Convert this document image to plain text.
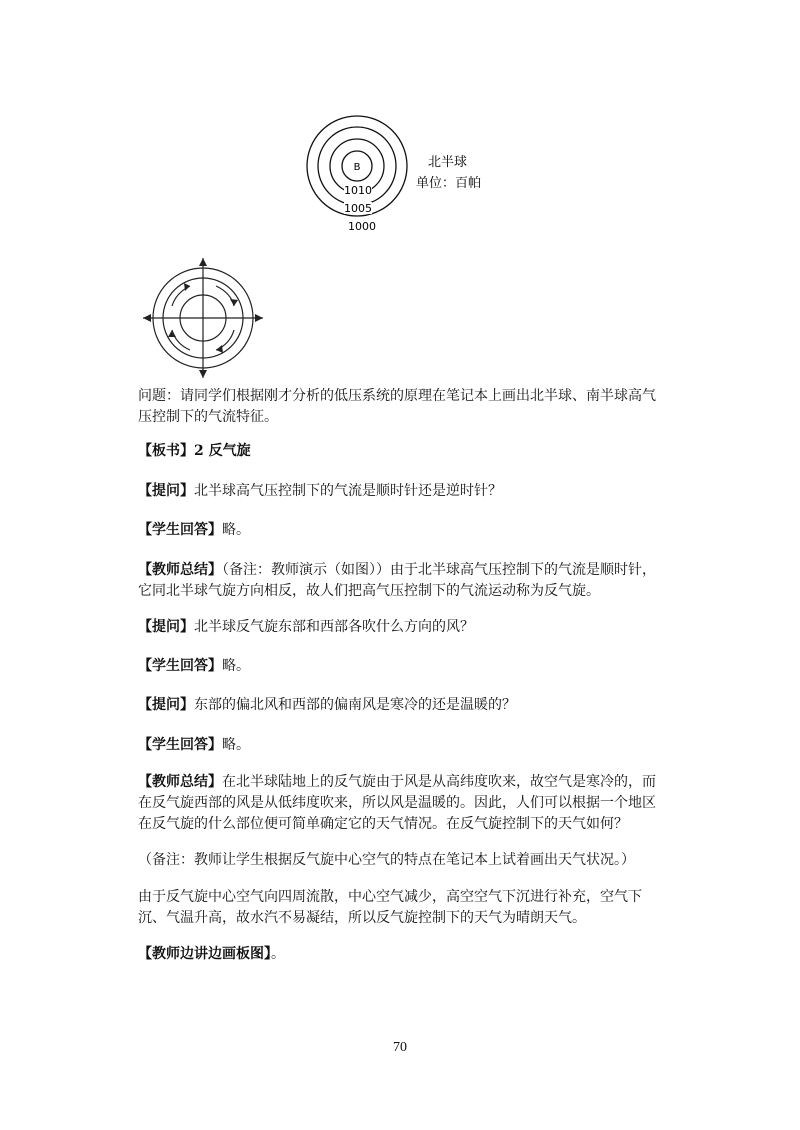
B
1010
1005
1000
北半球
单位：百帕
问题：请同学们根据刚才分析的低压系统的原理在笔记本上画出北半球、南半球高气压控制下的气流特征。
【板书】2 反气旋
【提问】北半球高气压控制下的气流是顺时针还是逆时针？
【学生回答】略。
【教师总结】（备注：教师演示（如图））由于北半球高气压控制下的气流是顺时针，它同北半球气旋方向相反，故人们把高气压控制下的气流运动称为反气旋。
【提问】北半球反气旋东部和西部各吹什么方向的风？
【学生回答】略。
【提问】东部的偏北风和西部的偏南风是寒冷的还是温暖的？
【学生回答】略。
【教师总结】在北半球陆地上的反气旋由于风是从高纬度吹来，故空气是寒冷的，而在反气旋西部的风是从低纬度吹来，所以风是温暖的。因此，人们可以根据一个地区在反气旋的什么部位便可简单确定它的天气情况。在反气旋控制下的天气如何？
（备注：教师让学生根据反气旋中心空气的特点在笔记本上试着画出天气状况。）
由于反气旋中心空气向四周流散，中心空气减少，高空空气下沉进行补充，空气下沉、气温升高，故水汽不易凝结，所以反气旋控制下的天气为晴朗天气。
【教师边讲边画板图】。
70
